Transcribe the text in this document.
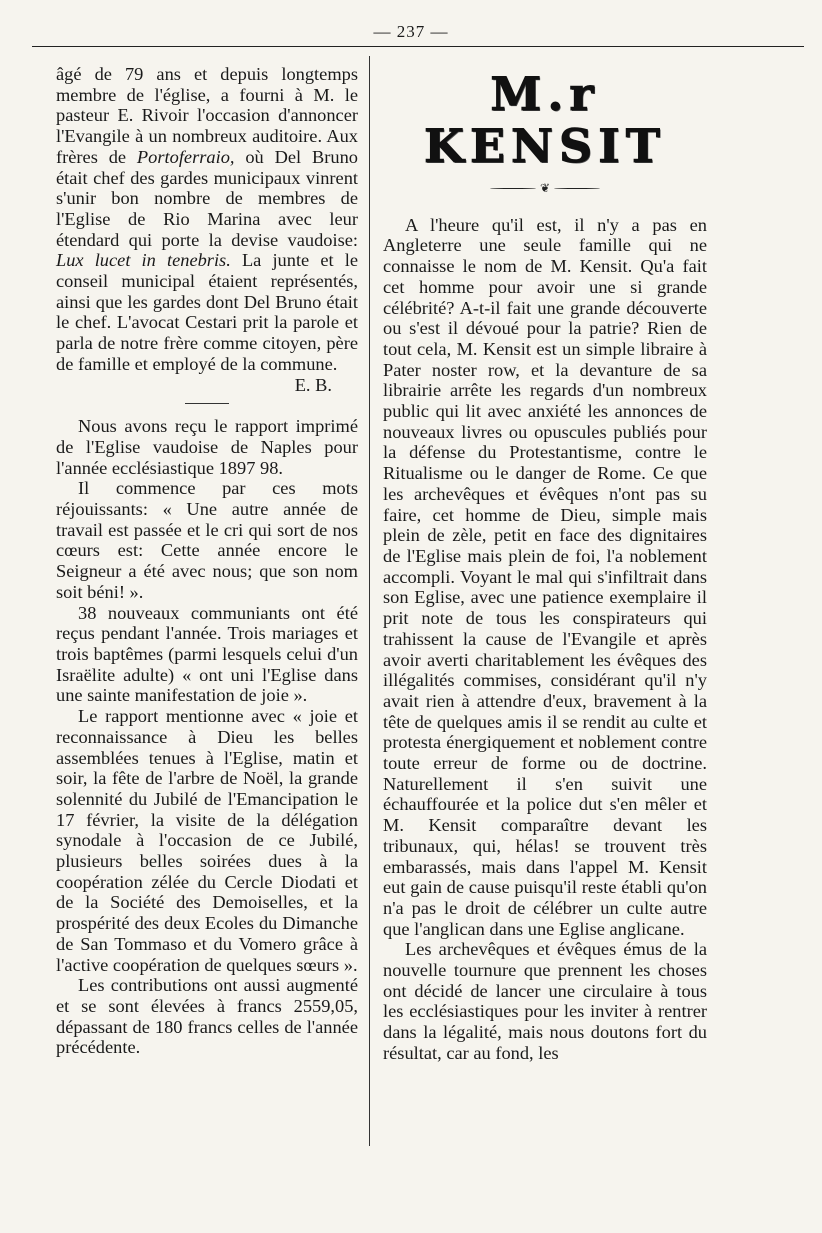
— 237 —

âgé de 79 ans et depuis longtemps membre de l'église, a fourni à M. le pasteur E. Rivoir l'occasion d'annoncer l'Evangile à un nombreux auditoire. Aux frères de Portoferraio, où Del Bruno était chef des gardes municipaux vinrent s'unir bon nombre de membres de l'Eglise de Rio Marina avec leur étendard qui porte la devise vaudoise: Lux lucet in tenebris. La junte et le conseil municipal étaient représentés, ainsi que les gardes dont Del Bruno était le chef. L'avocat Cestari prit la parole et parla de notre frère comme citoyen, père de famille et employé de la commune.

E. B.

Nous avons reçu le rapport imprimé de l'Eglise vaudoise de Naples pour l'année ecclésiastique 1897 98.

Il commence par ces mots réjouissants: « Une autre année de travail est passée et le cri qui sort de nos cœurs est: Cette année encore le Seigneur a été avec nous; que son nom soit béni! ».

38 nouveaux communiants ont été reçus pendant l'année. Trois mariages et trois baptêmes (parmi lesquels celui d'un Israëlite adulte) « ont uni l'Eglise dans une sainte manifestation de joie ».

Le rapport mentionne avec « joie et reconnaissance à Dieu les belles assemblées tenues à l'Eglise, matin et soir, la fête de l'arbre de Noël, la grande solennité du Jubilé de l'Emancipation le 17 février, la visite de la délégation synodale à l'occasion de ce Jubilé, plusieurs belles soirées dues à la coopération zélée du Cercle Diodati et de la Société des Demoiselles, et la prospérité des deux Ecoles du Dimanche de San Tommaso et du Vomero grâce à l'active coopération de quelques sœurs ».

Les contributions ont aussi augmenté et se sont élevées à francs 2559,05, dépassant de 180 francs celles de l'année précédente.

M.r KENSIT
❦

A l'heure qu'il est, il n'y a pas en Angleterre une seule famille qui ne connaisse le nom de M. Kensit. Qu'a fait cet homme pour avoir une si grande célébrité? A-t-il fait une grande découverte ou s'est il dévoué pour la patrie? Rien de tout cela, M. Kensit est un simple libraire à Pater noster row, et la devanture de sa librairie arrête les regards d'un nombreux public qui lit avec anxiété les annonces de nouveaux livres ou opuscules publiés pour la défense du Protestantisme, contre le Ritualisme ou le danger de Rome. Ce que les archevêques et évêques n'ont pas su faire, cet homme de Dieu, simple mais plein de zèle, petit en face des dignitaires de l'Eglise mais plein de foi, l'a noblement accompli. Voyant le mal qui s'infiltrait dans son Eglise, avec une patience exemplaire il prit note de tous les conspirateurs qui trahissent la cause de l'Evangile et après avoir averti charitablement les évêques des illégalités commises, considérant qu'il n'y avait rien à attendre d'eux, bravement à la tête de quelques amis il se rendit au culte et protesta énergiquement et noblement contre toute erreur de forme ou de doctrine. Naturellement il s'en suivit une échauffourée et la police dut s'en mêler et M. Kensit comparaître devant les tribunaux, qui, hélas! se trouvent très embarassés, mais dans l'appel M. Kensit eut gain de cause puisqu'il reste établi qu'on n'a pas le droit de célébrer un culte autre que l'anglican dans une Eglise anglicane.

Les archevêques et évêques émus de la nouvelle tournure que prennent les choses ont décidé de lancer une circulaire à tous les ecclésiastiques pour les inviter à rentrer dans la légalité, mais nous doutons fort du résultat, car au fond, les
